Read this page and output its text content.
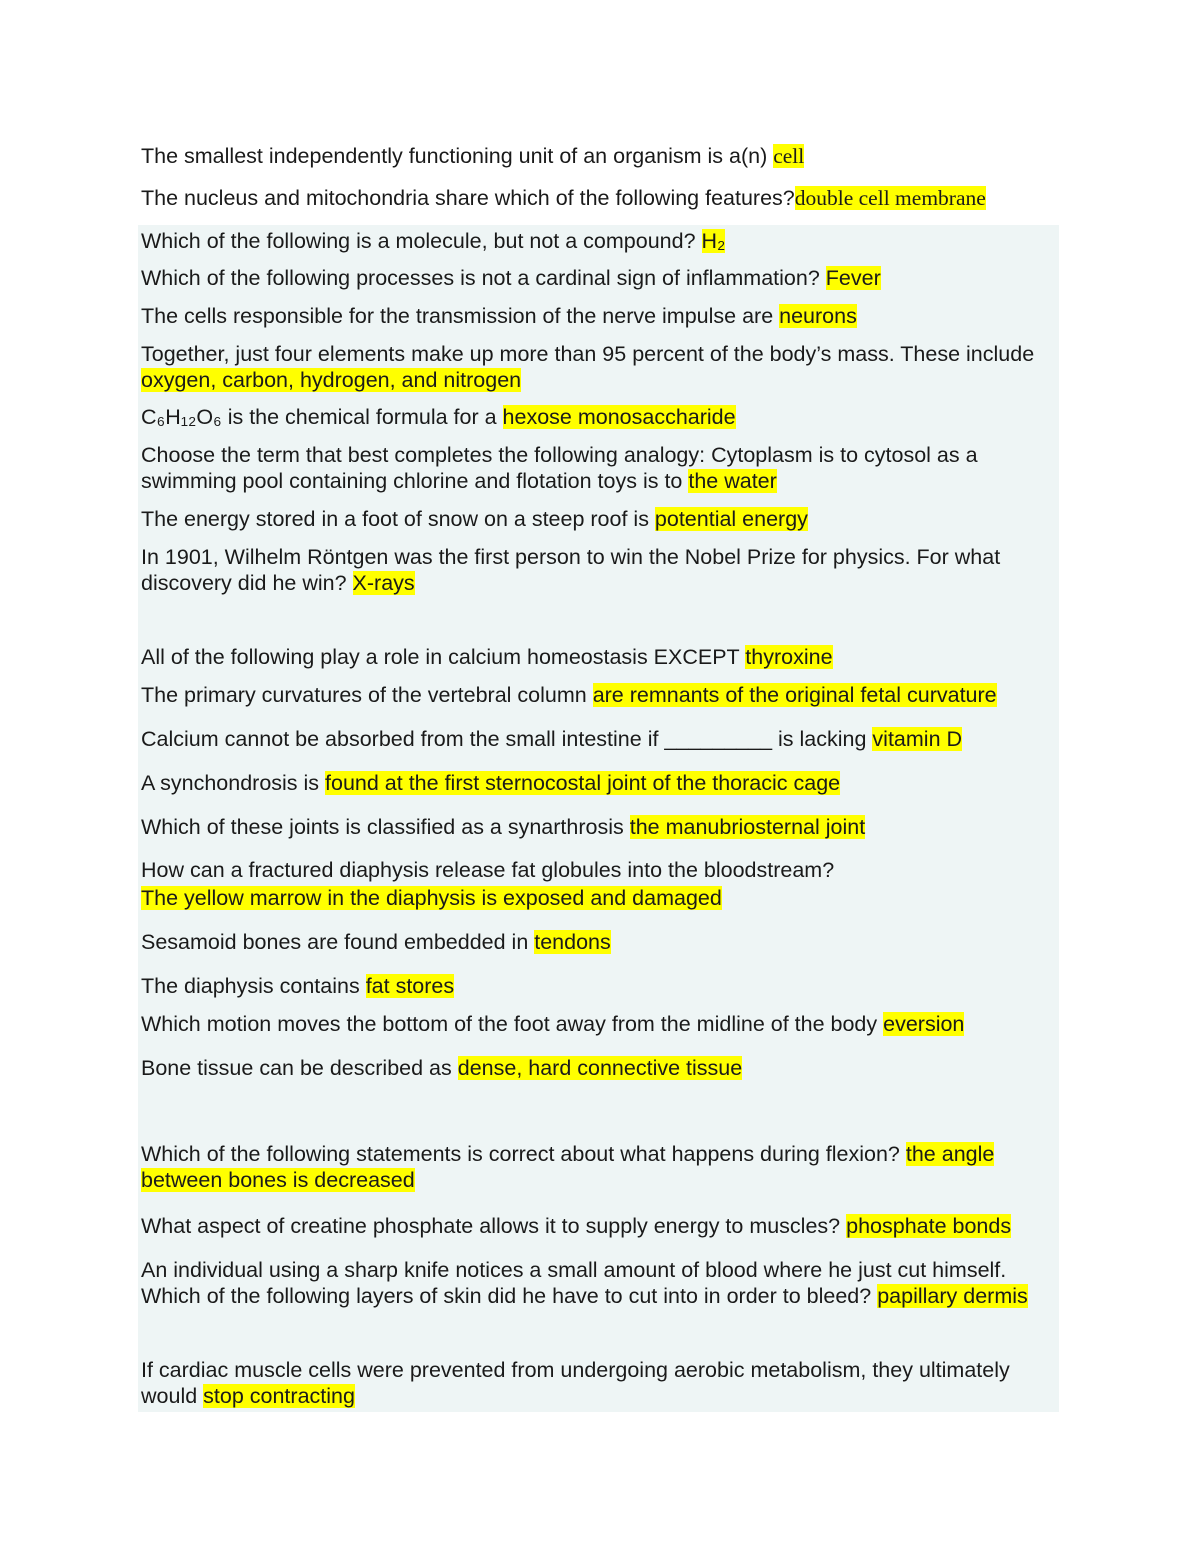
The smallest independently functioning unit of an organism is a(n) cell
The nucleus and mitochondria share which of the following features?double cell membrane
Which of the following is a molecule, but not a compound? H₂
Which of the following processes is not a cardinal sign of inflammation? Fever
The cells responsible for the transmission of the nerve impulse are neurons
Together, just four elements make up more than 95 percent of the body’s mass. These include oxygen, carbon, hydrogen, and nitrogen
C₆H₁₂O₆ is the chemical formula for a hexose monosaccharide
Choose the term that best completes the following analogy: Cytoplasm is to cytosol as a swimming pool containing chlorine and flotation toys is to the water
The energy stored in a foot of snow on a steep roof is potential energy
In 1901, Wilhelm Röntgen was the first person to win the Nobel Prize for physics. For what discovery did he win? X-rays
All of the following play a role in calcium homeostasis EXCEPT thyroxine
The primary curvatures of the vertebral column are remnants of the original fetal curvature
Calcium cannot be absorbed from the small intestine if _________ is lacking vitamin D
A synchondrosis is found at the first sternocostal joint of the thoracic cage
Which of these joints is classified as a synarthrosis the manubriosternal joint
How can a fractured diaphysis release fat globules into the bloodstream?
The yellow marrow in the diaphysis is exposed and damaged
Sesamoid bones are found embedded in tendons
The diaphysis contains fat stores
Which motion moves the bottom of the foot away from the midline of the body eversion
Bone tissue can be described as dense, hard connective tissue
Which of the following statements is correct about what happens during flexion? the angle between bones is decreased
What aspect of creatine phosphate allows it to supply energy to muscles? phosphate bonds
An individual using a sharp knife notices a small amount of blood where he just cut himself. Which of the following layers of skin did he have to cut into in order to bleed? papillary dermis
If cardiac muscle cells were prevented from undergoing aerobic metabolism, they ultimately would stop contracting
